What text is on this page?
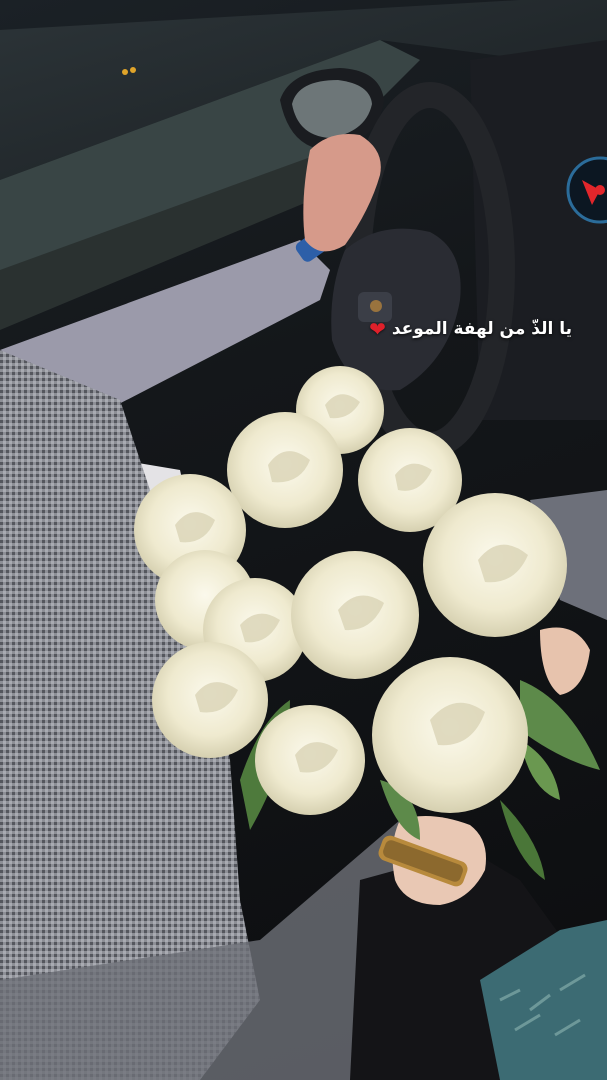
❤ يا الذّ من لهفة الموعد
